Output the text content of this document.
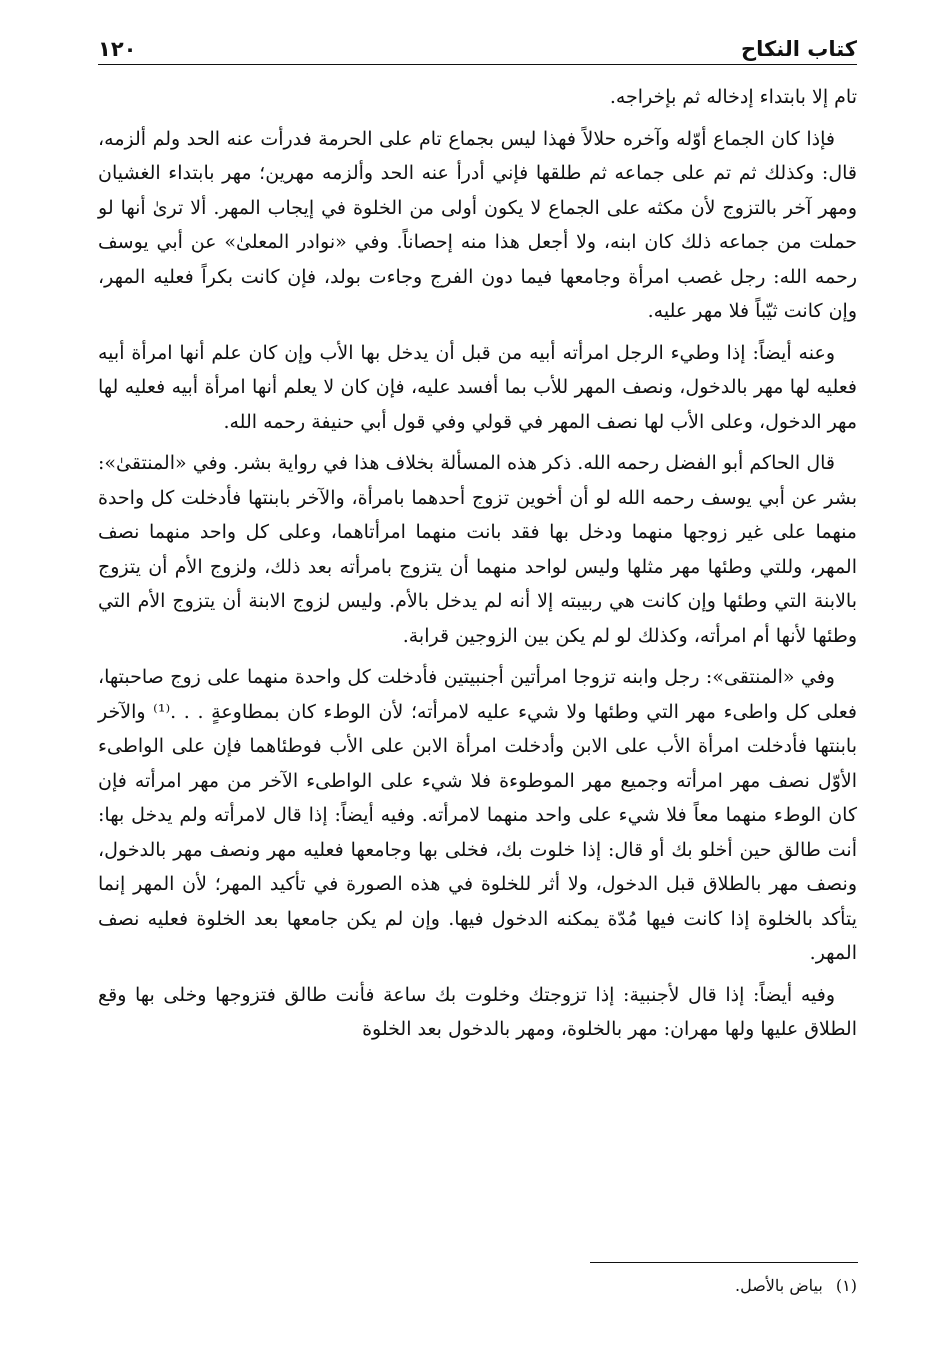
كتاب النكاح
١٢٠

تام إلا بابتداء إدخاله ثم بإخراجه.

فإذا كان الجماع أوّله وآخره حلالاً فهذا ليس بجماع تام على الحرمة فدرأت عنه الحد ولم ألزمه، قال: وكذلك ثم تم على جماعه ثم طلقها فإني أدرأ عنه الحد وألزمه مهرين؛ مهر بابتداء الغشيان ومهر آخر بالتزوج لأن مكثه على الجماع لا يكون أولى من الخلوة في إيجاب المهر. ألا ترىٰ أنها لو حملت من جماعه ذلك كان ابنه، ولا أجعل هذا منه إحصاناً. وفي «نوادر المعلىٰ» عن أبي يوسف رحمه الله: رجل غصب امرأة وجامعها فيما دون الفرج وجاءت بولد، فإن كانت بكراً فعليه المهر، وإن كانت ثيّباً فلا مهر عليه.

وعنه أيضاً: إذا وطيء الرجل امرأته أبيه من قبل أن يدخل بها الأب وإن كان علم أنها امرأة أبيه فعليه لها مهر بالدخول، ونصف المهر للأب بما أفسد عليه، فإن كان لا يعلم أنها امرأة أبيه فعليه لها مهر الدخول، وعلى الأب لها نصف المهر في قولي وفي قول أبي حنيفة رحمه الله.

قال الحاكم أبو الفضل رحمه الله. ذكر هذه المسألة بخلاف هذا في رواية بشر. وفي «المنتقىٰ»: بشر عن أبي يوسف رحمه الله لو أن أخوين تزوج أحدهما بامرأة، والآخر بابنتها فأدخلت كل واحدة منهما على غير زوجها منهما ودخل بها فقد بانت منهما امرأتاهما، وعلى كل واحد منهما نصف المهر، وللتي وطئها مهر مثلها وليس لواحد منهما أن يتزوج بامرأته بعد ذلك، ولزوج الأم أن يتزوج بالابنة التي وطئها وإن كانت هي ربيبته إلا أنه لم يدخل بالأم. وليس لزوج الابنة أن يتزوج الأم التي وطئها لأنها أم امرأته، وكذلك لو لم يكن بين الزوجين قرابة.

وفي «المنتقى»: رجل وابنه تزوجا امرأتين أجنبيتين فأدخلت كل واحدة منهما على زوج صاحبتها، فعلى كل واطىء مهر التي وطئها ولا شيء عليه لامرأته؛ لأن الوطء كان بمطاوعةٍ . . .⁽¹⁾ والآخر بابنتها فأدخلت امرأة الأب على الابن وأدخلت امرأة الابن على الأب فوطئاهما فإن على الواطىء الأوّل نصف مهر امرأته وجميع مهر الموطوءة فلا شيء على الواطىء الآخر من مهر امرأته فإن كان الوطء منهما معاً فلا شيء على واحد منهما لامرأته. وفيه أيضاً: إذا قال لامرأته ولم يدخل بها: أنت طالق حين أخلو بك أو قال: إذا خلوت بك، فخلى بها وجامعها فعليه مهر ونصف مهر بالدخول، ونصف مهر بالطلاق قبل الدخول، ولا أثر للخلوة في هذه الصورة في تأكيد المهر؛ لأن المهر إنما يتأكد بالخلوة إذا كانت فيها مُدّة يمكنه الدخول فيها. وإن لم يكن جامعها بعد الخلوة فعليه نصف المهر.

وفيه أيضاً: إذا قال لأجنبية: إذا تزوجتك وخلوت بك ساعة فأنت طالق فتزوجها وخلى بها وقع الطلاق عليها ولها مهران: مهر بالخلوة، ومهر بالدخول بعد الخلوة

(١) بياض بالأصل.
